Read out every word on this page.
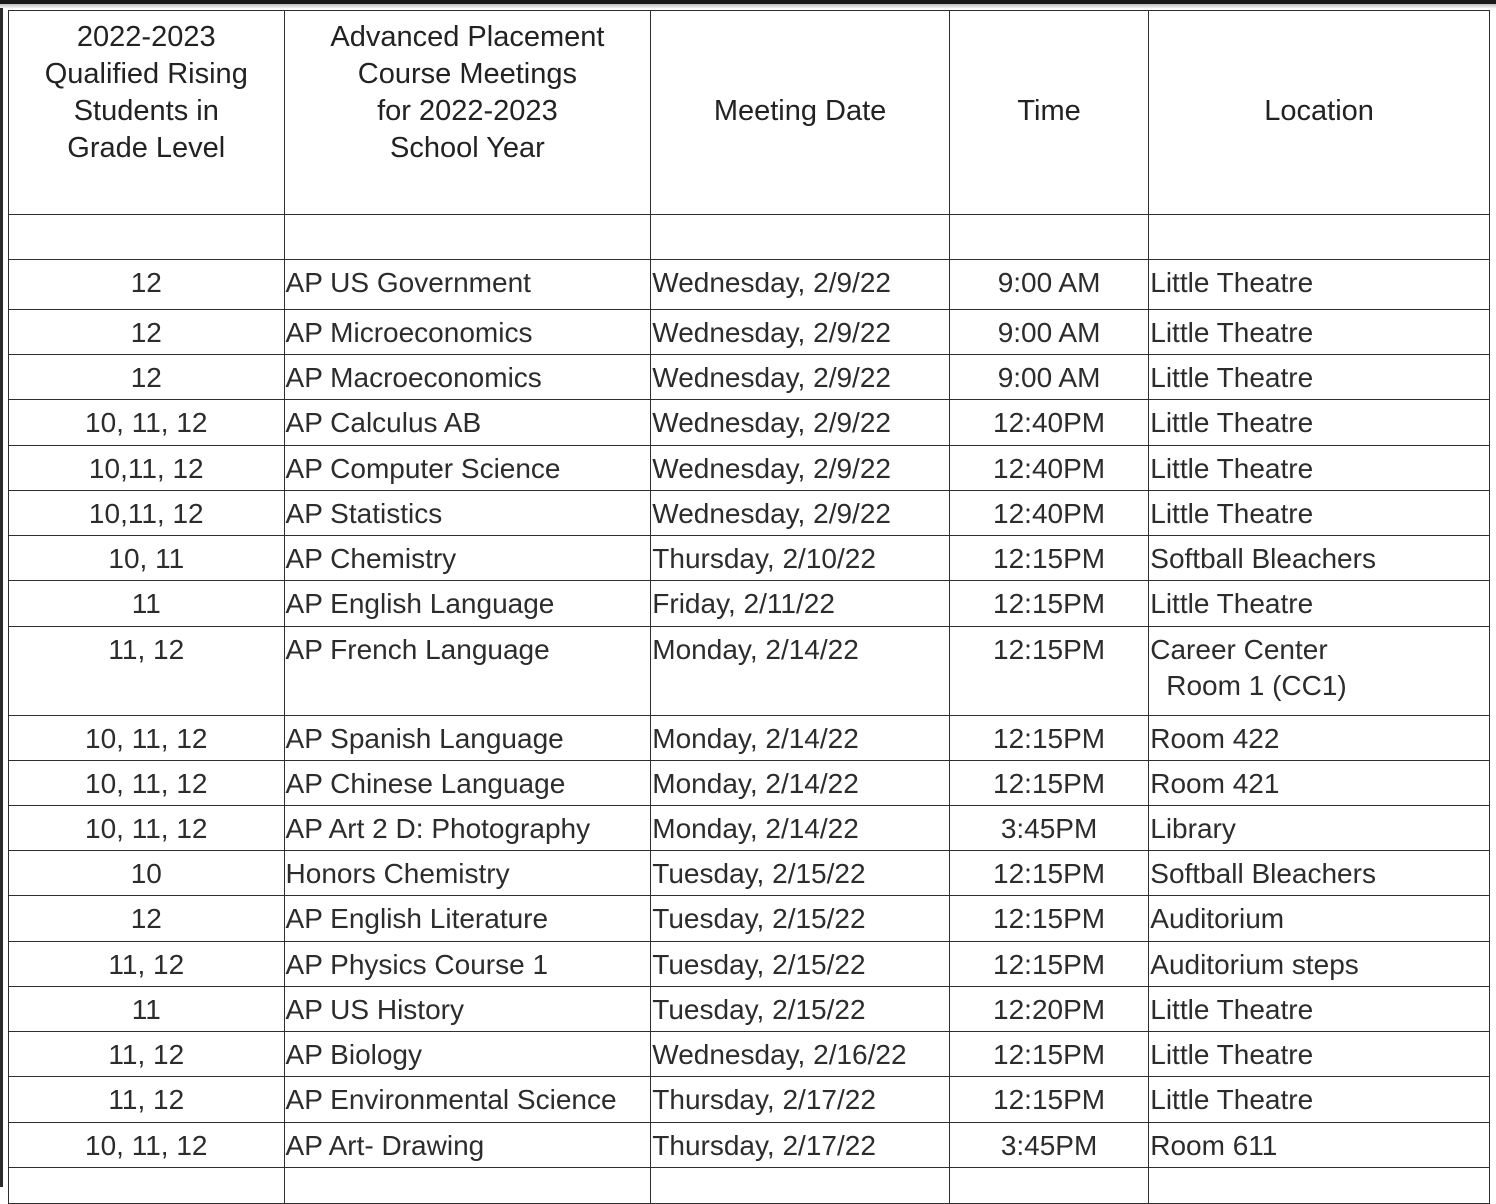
2022-2023
Qualified Rising
Students in
Grade Level	Advanced Placement
Course Meetings
for 2022-2023
School Year	Meeting Date	Time	Location

12	AP US Government	Wednesday, 2/9/22	9:00 AM	Little Theatre
12	AP Microeconomics	Wednesday, 2/9/22	9:00 AM	Little Theatre
12	AP Macroeconomics	Wednesday, 2/9/22	9:00 AM	Little Theatre
10, 11, 12	AP Calculus AB	Wednesday, 2/9/22	12:40PM	Little Theatre
10,11, 12	AP Computer Science	Wednesday, 2/9/22	12:40PM	Little Theatre
10,11, 12	AP Statistics	Wednesday, 2/9/22	12:40PM	Little Theatre
10, 11	AP Chemistry	Thursday, 2/10/22	12:15PM	Softball Bleachers
11	AP English Language	Friday, 2/11/22	12:15PM	Little Theatre
11, 12	AP French Language	Monday, 2/14/22	12:15PM	Career Center
Room 1 (CC1)

10, 11, 12	AP Spanish Language	Monday, 2/14/22	12:15PM	Room 422
10, 11, 12	AP Chinese Language	Monday, 2/14/22	12:15PM	Room 421
10, 11, 12	AP Art 2 D: Photography	Monday, 2/14/22	3:45PM	Library
10	Honors Chemistry	Tuesday, 2/15/22	12:15PM	Softball Bleachers
12	AP English Literature	Tuesday, 2/15/22	12:15PM	Auditorium
11, 12	AP Physics Course 1	Tuesday, 2/15/22	12:15PM	Auditorium steps
11	AP US History	Tuesday, 2/15/22	12:20PM	Little Theatre
11, 12	AP Biology	Wednesday, 2/16/22	12:15PM	Little Theatre
11, 12	AP Environmental Science	Thursday, 2/17/22	12:15PM	Little Theatre
10, 11, 12	AP Art- Drawing	Thursday, 2/17/22	3:45PM	Room 611
